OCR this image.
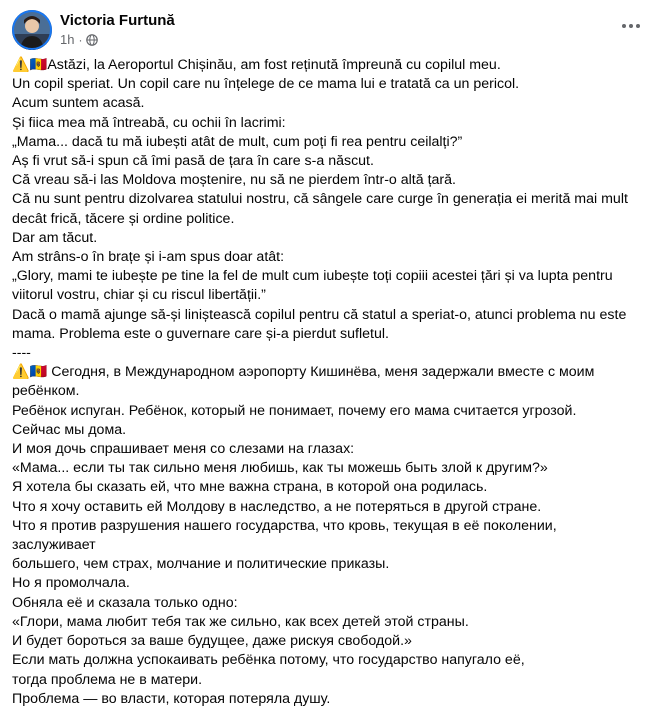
Victoria Furtună
1h ·
⚠️🇲🇩Astăzi, la Aeroportul Chișinău, am fost reținută împreună cu copilul meu.
Un copil speriat. Un copil care nu înțelege de ce mama lui e tratată ca un pericol.
Acum suntem acasă.
Și fiica mea mă întreabă, cu ochii în lacrimi:
„Mama... dacă tu mă iubești atât de mult, cum poți fi rea pentru ceilalți?”
Aș fi vrut să-i spun că îmi pasă de țara în care s-a născut.
Că vreau să-i las Moldova moștenire, nu să ne pierdem într-o altă țară.
Că nu sunt pentru dizolvarea statului nostru, că sângele care curge în generația ei merită mai mult
decât frică, tăcere și ordine politice.
Dar am tăcut.
Am strâns-o în brațe și i-am spus doar atât:
„Glory, mami te iubește pe tine la fel de mult cum iubește toți copiii acestei țări și va lupta pentru
viitorul vostru, chiar și cu riscul libertății.”
Dacă o mamă ajunge să-și liniștească copilul pentru că statul a speriat-o, atunci problema nu este
mama. Problema este o guvernare care și-a pierdut sufletul.
----
⚠️🇲🇩 Сегодня, в Международном аэропорту Кишинёва, меня задержали вместе с моим
ребёнком.
Ребёнок испуган. Ребёнок, который не понимает, почему его мама считается угрозой.
Сейчас мы дома.
И моя дочь спрашивает меня со слезами на глазах:
«Мама... если ты так сильно меня любишь, как ты можешь быть злой к другим?»
Я хотела бы сказать ей, что мне важна страна, в которой она родилась.
Что я хочу оставить ей Молдову в наследство, а не потеряться в другой стране.
Что я против разрушения нашего государства, что кровь, текущая в её поколении, заслуживает
большего, чем страх, молчание и политические приказы.
Но я промолчала.
Обняла её и сказала только одно:
«Глори, мама любит тебя так же сильно, как всех детей этой страны.
И будет бороться за ваше будущее, даже рискуя свободой.»
Если мать должна успокаивать ребёнка потому, что государство напугало её,
тогда проблема не в матери.
Проблема — во власти, которая потеряла душу.
